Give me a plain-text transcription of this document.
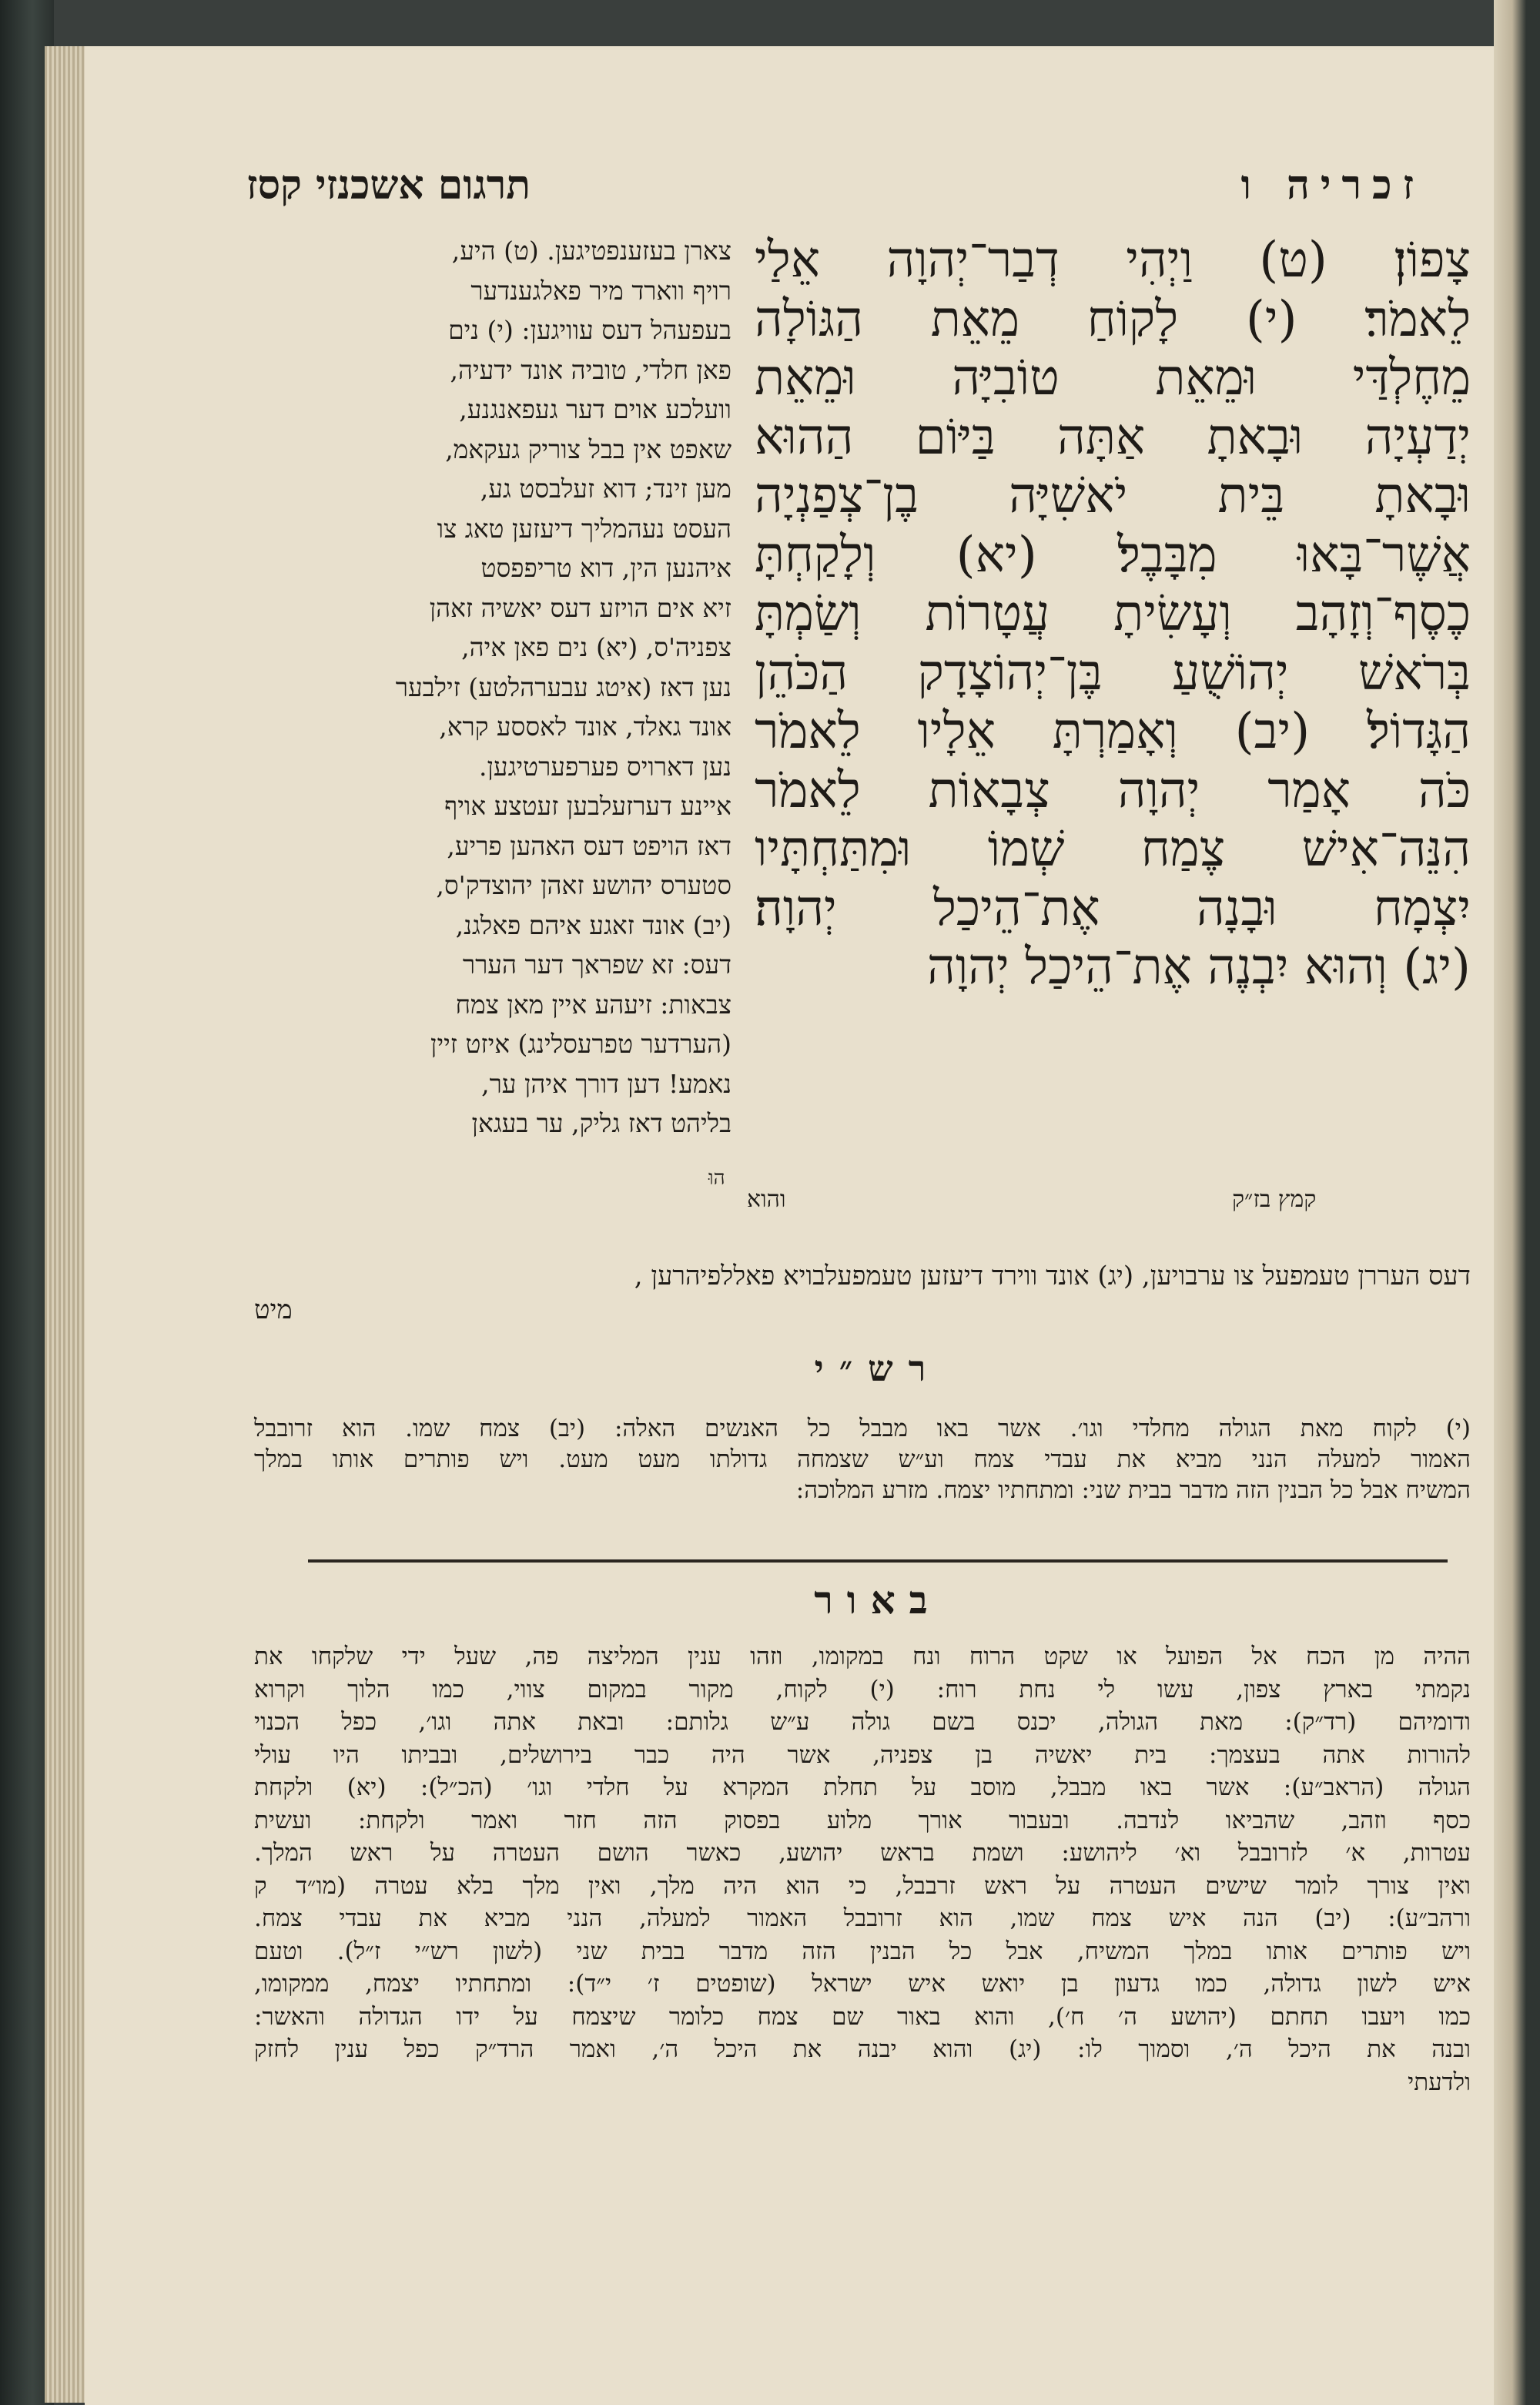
תרגום אשכנזי קסז	זכריה ו
צארן בעזענפטיגען. (ט) היע,
רויף ווארד מיר פאלגענדער
בעפעהל דעס עוויגען: (י) נים
פאן חלדי, טוביה אונד ידעיה,
וועלכע אוים דער געפאנגנע,
שאפט אין בבל צוריק געקאמ,
מען זינד; דוא זעלבסט גע,
העסט נעהמליך דיעזען טאג צו
איהנען הין, דוא טריפפסט
זיא אים הויזע דעס יאשיה זאהן
צפניה'ס, (יא) נים פאן איה,
נען דאז (איטג עבערהלטע) זילבער
אונד גאלד, אונד לאססע קרא,
נען דארויס פערפערטיגען.
איינע דערזעלבען זעטצע אויף
דאז הויפט דעס האהען פריע,
סטערס יהושע זאהן יהוצדק'ס,
(יב) אונד זאגע איהם פאלגנ,
דעס: זא שפראך דער הערר
צבאות: זיעהע איין מאן צמח
(הערדער טפרעסלינג) איזט זיין
נאמע! דען דורך איהן ער,
בליהט דאז גליק, ער בעגאן
צָפוֹן׃ (ט) וַיְהִי דְבַר־יְהוָה אֵלַי
לֵאמֹר׃ (י) לָקוֹחַ מֵאֵת הַגּוֹלָה
מֵחֶלְדַּי וּמֵאֵת טוֹבִיָּה וּמֵאֵת
יְדַעְיָה וּבָאתָ אַתָּה בַּיּוֹם הַהוּא
וּבָאתָ בֵּית יֹאשִׁיָּה בֶן־צְפַנְיָה
אֲשֶׁר־בָּאוּ מִבָּבֶל׃ (יא) וְלָקַחְתָּ
כֶסֶף־וְזָהָב וְעָשִׂיתָ עֲטָרוֹת וְשַׂמְתָּ
בְּרֹאשׁ יְהוֹשֻׁעַ בֶּן־יְהוֹצָדָק הַכֹּהֵן
הַגָּדוֹל׃ (יב) וְאָמַרְתָּ אֵלָיו לֵאמֹר
כֹּה אָמַר יְהוָה צְבָאוֹת לֵאמֹר
הִנֵּה־אִישׁ צֶמַח שְׁמוֹ וּמִתַּחְתָּיו
יִצְמָח וּבָנָה אֶת־הֵיכַל יְהוָה׃
(יג) וְהוּא יִבְנֶה אֶת־הֵיכַל יְהוָה
קמץ בז״ק
והוא
הוּ
דעס העררן טעמפעל צו ערבויען, (יג) אונד ווירד דיעזען טעמפעלבויא פאללפיהרען ,
מיט
רש״י
(י) לקוח מאת הגולה מחלדי וגו׳. אשר באו מבבל כל האנשים האלה: (יב) צמח שמו. הוא זרובבל
האמור למעלה הנני מביא את עבדי צמח וע״ש שצמחה גדולתו מעט מעט. ויש פותרים אותו במלך
המשיח אבל כל הבנין הזה מדבר בבית שני: ומתחתיו יצמח. מזרע המלוכה:
באור
ההיה מן הכח אל הפועל או שקט הרוח ונח במקומו, וזהו ענין המליצה פה, שעל ידי שלקחו את
נקמתי בארץ צפון, עשו לי נחת רוח: (י) לקוח, מקור במקום צווי, כמו הלוך וקרוא
ודומיהם (רד״ק): מאת הגולה, יכנס בשם גולה ע״ש גלותם: ובאת אתה וגו׳, כפל הכנוי
להורות אתה בעצמך: בית יאשיה בן צפניה, אשר היה כבר בירושלים, ובביתו היו עולי
הגולה (הראב״ע): אשר באו מבבל, מוסב על תחלת המקרא על חלדי וגו׳ (הכ״ל): (יא) ולקחת
כסף וזהב, שהביאו לנדבה. ובעבור אורך מלוע בפסוק הזה חזר ואמר ולקחת: ועשית
עטרות, א׳ לזרובבל וא׳ ליהושע: ושמת בראש יהושע, כאשר הושם העטרה על ראש המלך.
ואין צורך לומר שישים העטרה על ראש זרבבל, כי הוא היה מלך, ואין מלך בלא עטרה (מו״ד ק
ורהב״ע): (יב) הנה איש צמח שמו, הוא זרובבל האמור למעלה, הנני מביא את עבדי צמח.
ויש פותרים אותו במלך המשיח, אבל כל הבנין הזה מדבר בבית שני (לשון רש״י ז״ל). וטעם
איש לשון גדולה, כמו גדעון בן יואש איש ישראל (שופטים ז׳ י״ד): ומתחתיו יצמח, ממקומו,
כמו ויעבו תחתם (יהושע ה׳ ח׳), והוא באור שם צמח כלומר שיצמח על ידו הגדולה והאשר:
ובנה את היכל ה׳, וסמוך לו: (יג) והוא יבנה את היכל ה׳, ואמר הרד״ק כפל ענין לחזק
ולדעתי
